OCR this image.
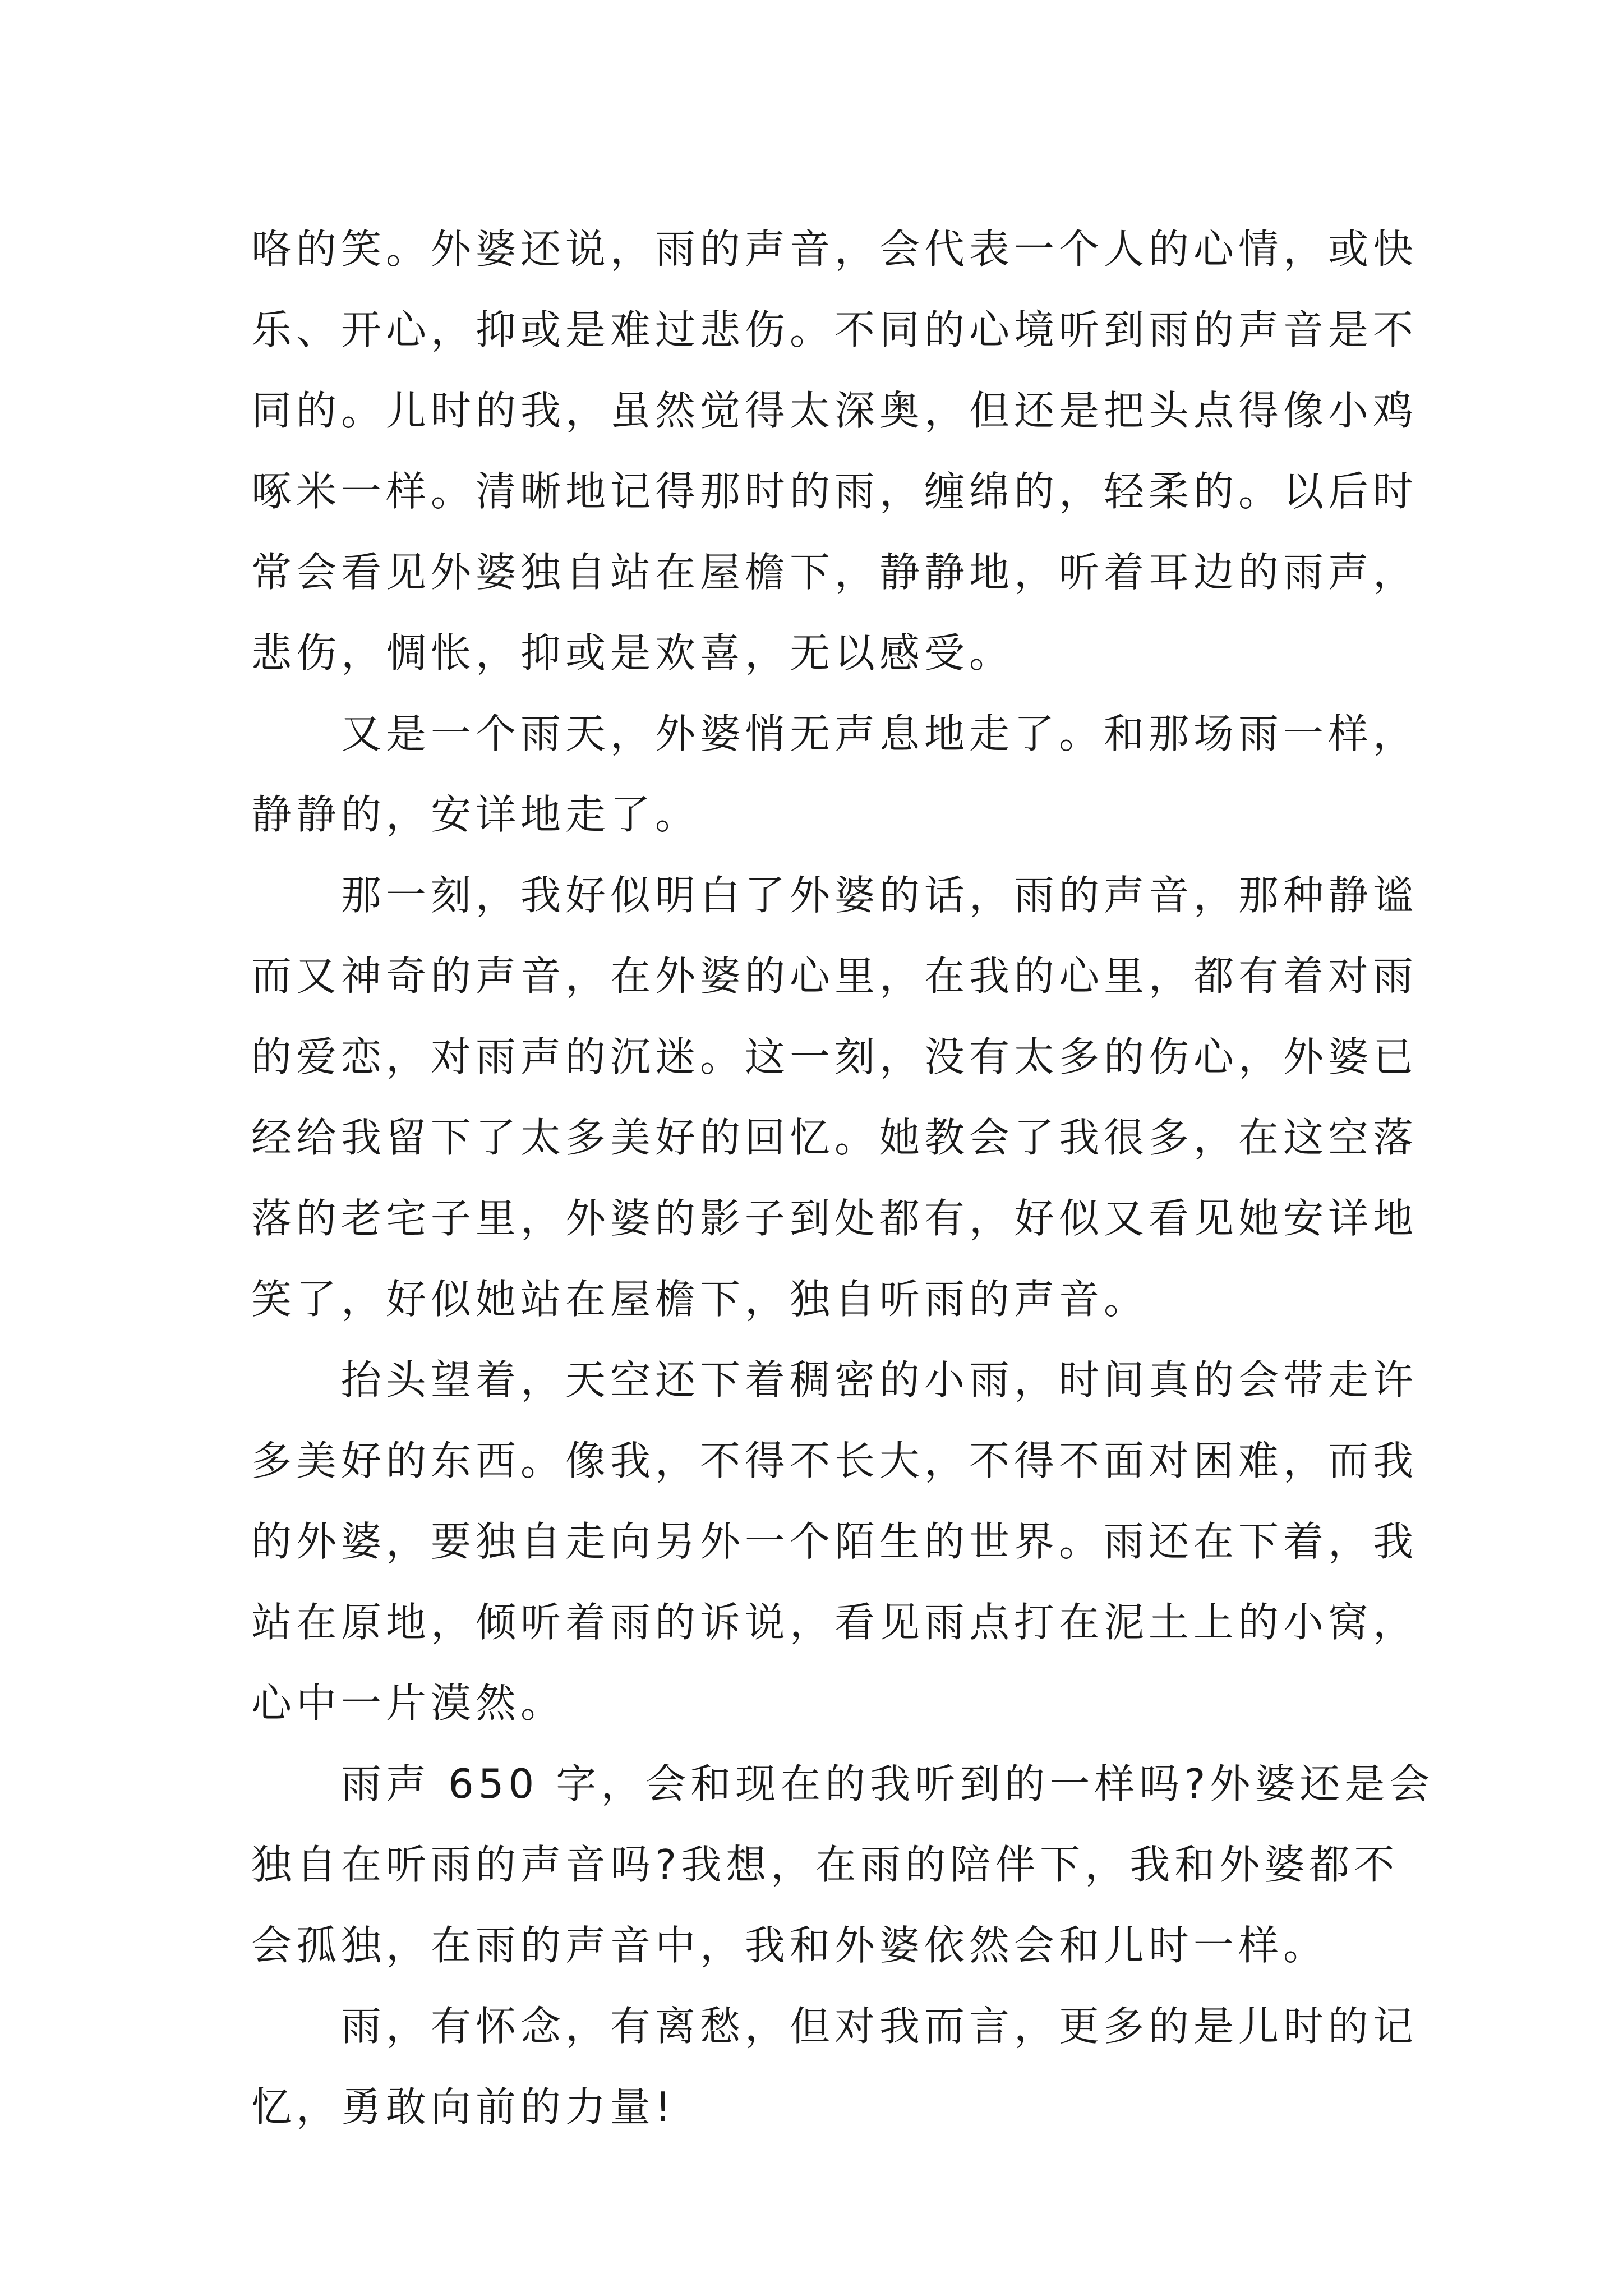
咯的笑。外婆还说，雨的声音，会代表一个人的心情，或快
乐、开心，抑或是难过悲伤。不同的心境听到雨的声音是不
同的。儿时的我，虽然觉得太深奥，但还是把头点得像小鸡
啄米一样。清晰地记得那时的雨，缠绵的，轻柔的。以后时
常会看见外婆独自站在屋檐下，静静地，听着耳边的雨声，
悲伤，惆怅，抑或是欢喜，无以感受。
又是一个雨天，外婆悄无声息地走了。和那场雨一样，
静静的，安详地走了。
那一刻，我好似明白了外婆的话，雨的声音，那种静谧
而又神奇的声音，在外婆的心里，在我的心里，都有着对雨
的爱恋，对雨声的沉迷。这一刻，没有太多的伤心，外婆已
经给我留下了太多美好的回忆。她教会了我很多，在这空落
落的老宅子里，外婆的影子到处都有，好似又看见她安详地
笑了，好似她站在屋檐下，独自听雨的声音。
抬头望着，天空还下着稠密的小雨，时间真的会带走许
多美好的东西。像我，不得不长大，不得不面对困难，而我
的外婆，要独自走向另外一个陌生的世界。雨还在下着，我
站在原地，倾听着雨的诉说，看见雨点打在泥土上的小窝，
心中一片漠然。
雨声 650 字，会和现在的我听到的一样吗?外婆还是会
独自在听雨的声音吗?我想，在雨的陪伴下，我和外婆都不
会孤独，在雨的声音中，我和外婆依然会和儿时一样。
雨，有怀念，有离愁，但对我而言，更多的是儿时的记
忆，勇敢向前的力量!
